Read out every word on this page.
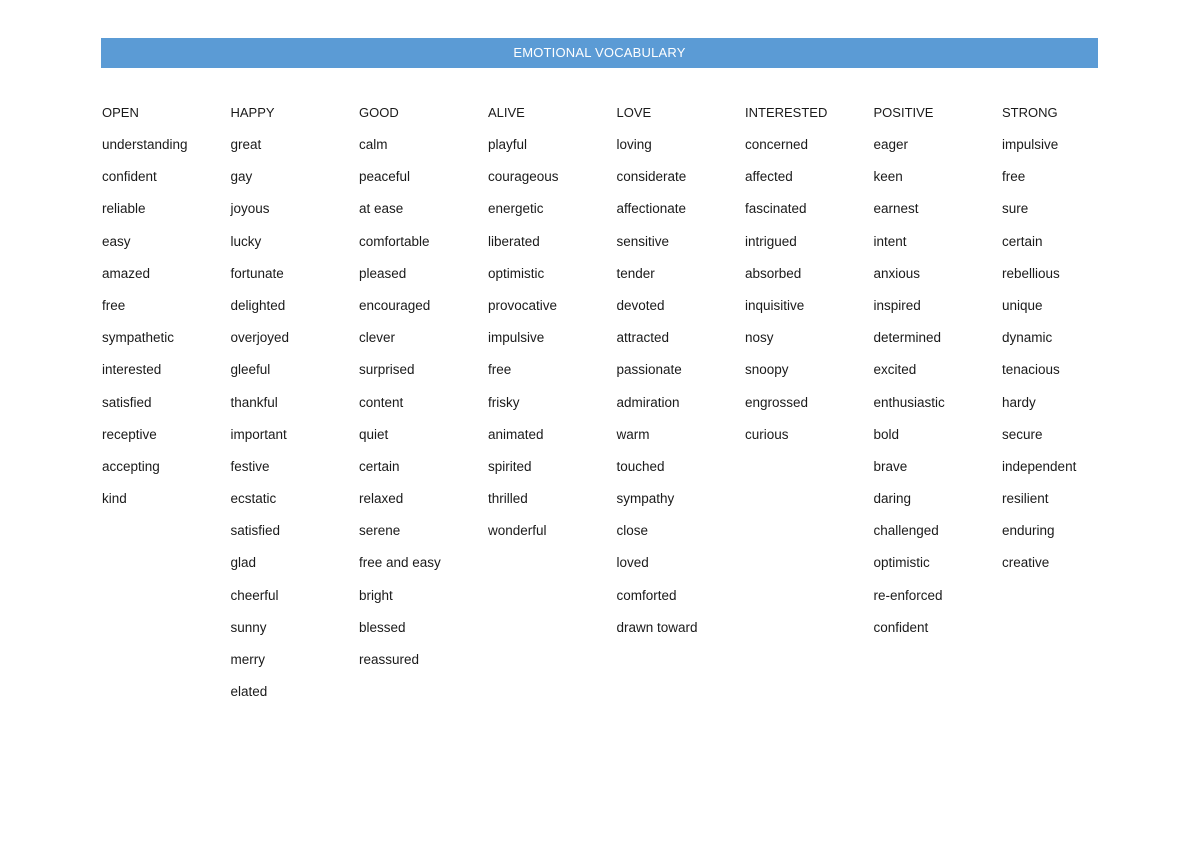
EMOTIONAL VOCABULARY
OPEN
understanding
confident
reliable
easy
amazed
free
sympathetic
interested
satisfied
receptive
accepting
kind
HAPPY
great
gay
joyous
lucky
fortunate
delighted
overjoyed
gleeful
thankful
important
festive
ecstatic
satisfied
glad
cheerful
sunny
merry
elated
GOOD
calm
peaceful
at ease
comfortable
pleased
encouraged
clever
surprised
content
quiet
certain
relaxed
serene
free and easy
bright
blessed
reassured
ALIVE
playful
courageous
energetic
liberated
optimistic
provocative
impulsive
free
frisky
animated
spirited
thrilled
wonderful
LOVE
loving
considerate
affectionate
sensitive
tender
devoted
attracted
passionate
admiration
warm
touched
sympathy
close
loved
comforted
drawn toward
INTERESTED
concerned
affected
fascinated
intrigued
absorbed
inquisitive
nosy
snoopy
engrossed
curious
POSITIVE
eager
keen
earnest
intent
anxious
inspired
determined
excited
enthusiastic
bold
brave
daring
challenged
optimistic
re-enforced
confident
STRONG
impulsive
free
sure
certain
rebellious
unique
dynamic
tenacious
hardy
secure
independent
resilient
enduring
creative
